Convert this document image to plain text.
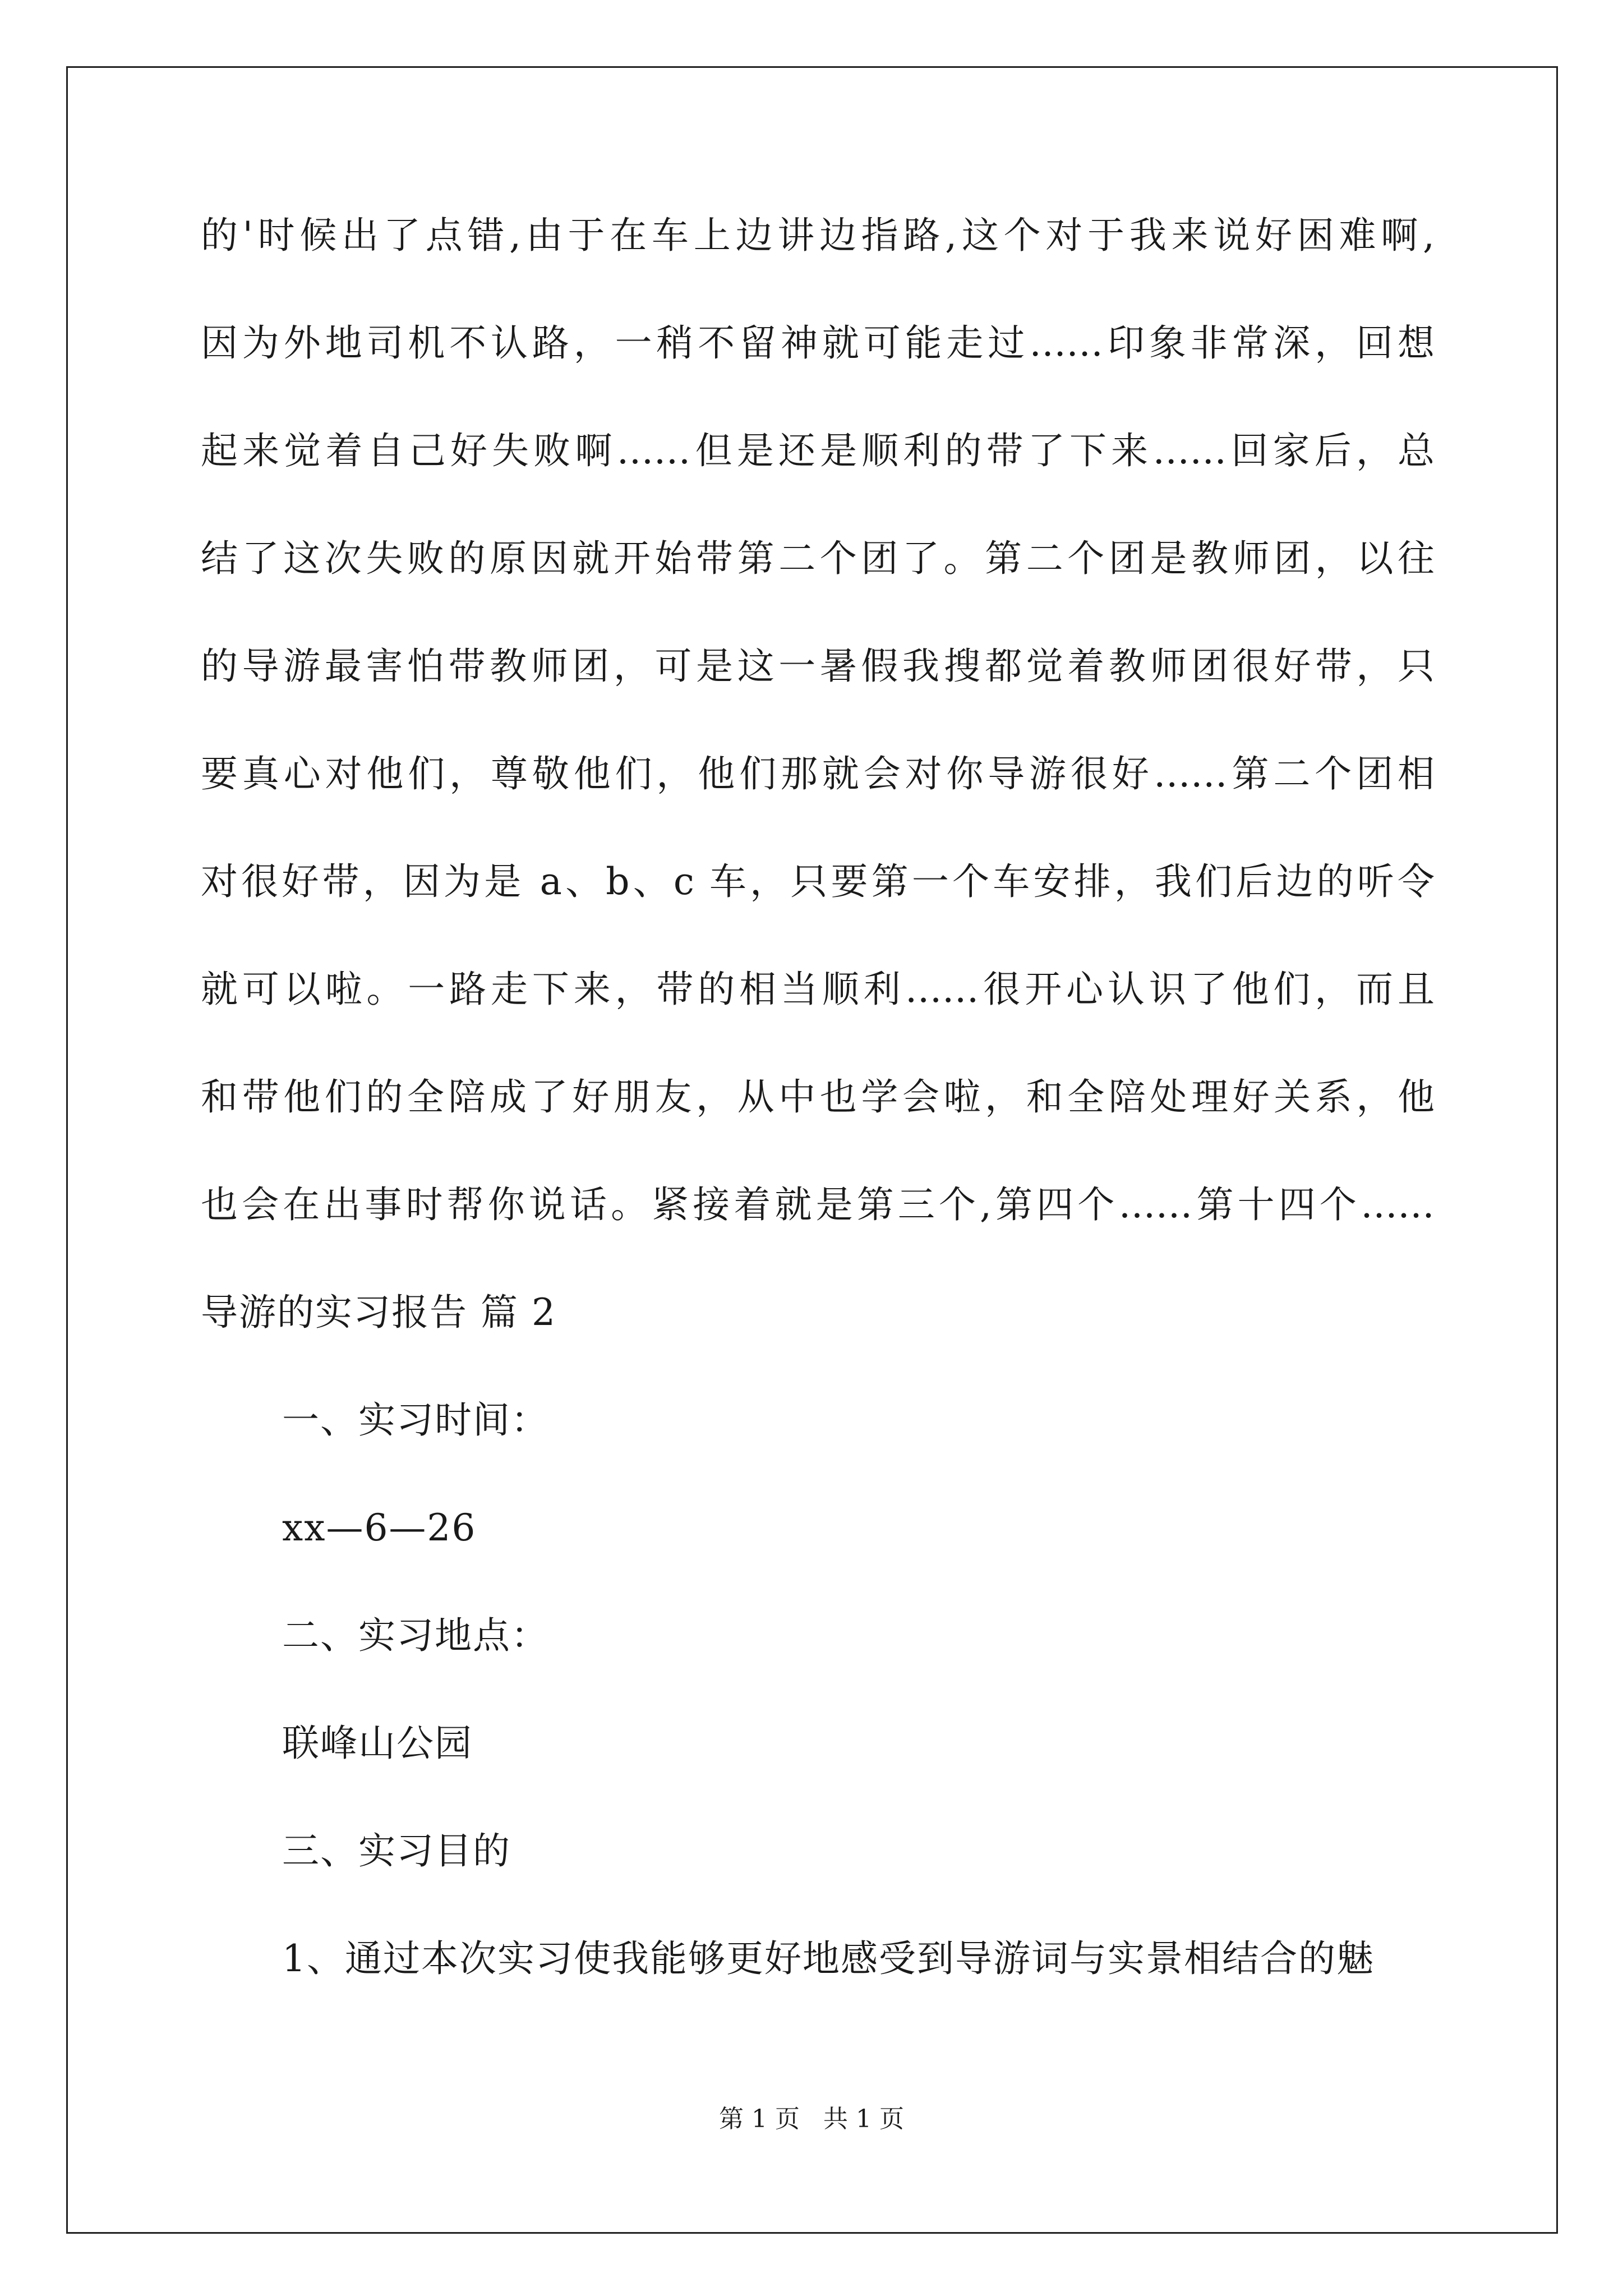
的'时候出了点错,由于在车上边讲边指路,这个对于我来说好困难啊,
因为外地司机不认路，一稍不留神就可能走过……印象非常深，回想
起来觉着自己好失败啊……但是还是顺利的带了下来……回家后，总
结了这次失败的原因就开始带第二个团了。第二个团是教师团，以往
的导游最害怕带教师团，可是这一暑假我搜都觉着教师团很好带，只
要真心对他们，尊敬他们，他们那就会对你导游很好……第二个团相
对很好带，因为是 a、b、c 车，只要第一个车安排，我们后边的听令
就可以啦。一路走下来，带的相当顺利……很开心认识了他们，而且
和带他们的全陪成了好朋友，从中也学会啦，和全陪处理好关系，他
也会在出事时帮你说话。紧接着就是第三个,第四个……第十四个……
导游的实习报告 篇 2
一、实习时间：
xx—6—26
二、实习地点：
联峰山公园
三、实习目的
1、通过本次实习使我能够更好地感受到导游词与实景相结合的魅
第 1 页 共 1 页
